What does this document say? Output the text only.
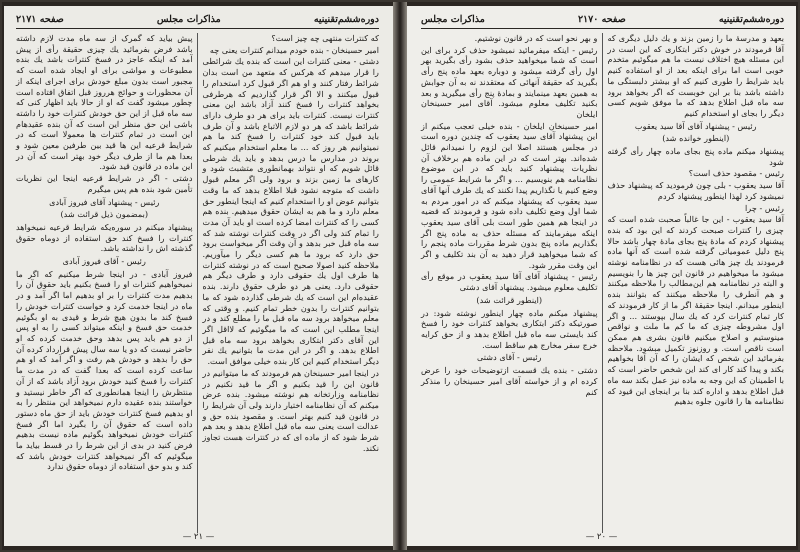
دوره‌ششم‌تقنینیه
مذاکرات مجلس
صفحه ۲۱۷۱

که کنترات منتهی چه چیز است؟

امیر حسینخان - بنده خودم میدانم کنترات یعنی چه

دشتی - معنی کنترات این است که بنده یك شرائطی را قرار میدهم که هرکس که متعهد من است بدان شرائط رفتار کنند و او هم اگر قبول کرد استخدام را قبول میکنند و الا اگر قرار گذاردیم که هرطرفی بخواهد کنترات را فسخ کنند آزاد باشد این معنی کنترات نیست. کنترات باید برای هر دو طرف دارای شرائط باشد که هر دو لازم الاتباع باشد و آن طرف باید قبول کند خود کنترات را فسخ کند ما هم نمیتوانیم هر روز که ... ما معلم استخدام میکنیم که بروند در مدارس ما درس بدهد و باید یك شرطی قائل شویم که او نتواند بهمانطوری متشبث شود و کارهای ما زمین بزند و برود ولی اگر معلم قبول داشت که متوجه نشود قبلا اطلاع بدهد که ما وقت بتوانیم عوض او را استخدام کنیم که اینجا اینطور حق معلم دارد و ما هم به ایشان حقوق میدهیم. بنده هم کسی را که کنترات امضا کرده است او باید آن مدت را تمام کند ولی اگر در وقت کنترات نوشته شد که سه ماه قبل خبر بدهد و آن وقت اگر میخواست برود حق دارد که برود ما هم کسی دیگر را میآوریم. ملاحظه کنید اصولا صحیح است که در نوشته کنترات ها طرف اول یك حقوقی دارد و طرف دیگر هم حقوقی دارد. یعنی هر دو طرف حقوق دارند. بنده عقیده‌ام این است که یك شرطی گذارده شود که ما بتوانیم کنترات را بدون خطر تمام کنیم. و وقتی که معلم میخواهد برود سه ماه قبل ما را مطلع کند و در اینجا مطلب این است که ما میگوئیم که لااقل اگر این آقای دکتر ابتکاری بخواهد برود سه ماه قبل اطلاع بدهد. و اگر در این مدت ما بتوانیم یك نفر دیگر استخدام کنیم این کار بنده خیلی موافق است.

در اینجا امیر حسینخان هم فرمودند که ما میتوانیم در قانون این را قید بکنیم و اگر ما قید نکنیم در نظامنامه وزارتخانه هم نوشته میشود. بنده عرض میکنم که آن نظامنامه اختیار دارند ولی آن شرایط را در قانون قید کنیم بهتر است. و مقصود بنده حق و عدالت است یعنی سه ماه قبل اطلاع بدهد و بعد هم شرط شود که از ماده ای که در کنترات هست تجاوز نکند.

پیش بیاید که گمرک از سه ماه مدت لازم داشته باشد فرض بفرمائید یك چیزی حقیقة رأی از پیش آمد که اینکه عاجز در فسخ کنترات باشد یك بنده مطبوعات و مواشی برای او ایجاد شده است که مجبور است بدون مبلغ خودش برای اجرای اینکه از آن محظورات و حوائج هرروز قبل اتفاق افتاده است چطور میشود گفت که او از حالا باید اظهار کنی که سه ماه قبل از این حق خودش کنترات خود را داشته باشی این حق منظر این است که آن بنده عقیدهام این است در تمام کنترات ها معمولا است که در شرایط قرعیه این ها قید بین طرفین معین شود و بعدا هم ما از طرف دیگر خود بهتر است که آن در این ماده در قانون قید شود.

دشتی - اگر در شرایط قرعیه اینجا این نظریات تأمین شود بنده هم پس میگیرم

رئیس - پیشنهاد آقای فیروز آبادی

(بمضمون ذیل قرائت شد)

پیشنهاد میکنم در سوره‌یکه شرایط قرعیه نمیخواهد کنترات را فسخ کند حق استفاده از دوماه حقوق گذشته اش را نداشته باشد.

رئیس - آقای فیروز آبادی

فیروز آبادی - در اینجا شرط میکنیم که اگر ما نمیخواهیم کنترات او را فسخ بکنیم باید حقوق آن را بدهیم مدت کنترات را بر او بدهیم اما اگر آمد و در ماه در اینجا خدمت کرد و خواست کنترات خودش را فسخ کند ما بدون هیچ شرط و قیدی به او بگوئیم خدمت حق فسخ و اینکه میتواند کسی را به او پس از دو هم باید پس بدهد وحق خدمت کرده که او حاضر نیست که دو یا سه سال پیش قرارداد کرده آن حق را بدهد و خودش هم رفت و اگر آمد که او هم ساعت کرده است که بعدا گفت که در مدت ما کنترات را فسخ کنید خودش برود آزاد باشد که از آن منتظرش را اینجا همانطوری که اگر خاطر نیستید و خواستند بنده عقیده دارم نمیخواهد این منتظر را به او بدهیم فسخ کنترات خودش باید از حق ماه دستور داده است که حقوق آن را بگیرد اما اگر فسخ کنترات خودش نمیخواهد بگوئیم ماده نیست بدهیم فرض کنید در بدی از این شرط را در قسط بیاید ما میگوئیم که اگر نمیخواهد کنترات خودش باشد که کند و بدو حق استفاده از دوماه حقوق ندارد

— ۲۱ —
دوره‌ششم‌تقنینیه
صفحه ۲۱۷۰
مذاکرات مجلس

بعهد و مدرسهٔ ما را زمین بزند و یك دلیل دیگری که آقا فرمودند در خوش دکتر ابتکاری که این است در این مسئله هیچ اختلاف نیست ما هم میگوئیم متخدم خوبی است اما برای اینکه بعد از او استفاده کنیم باید شرایط را طوری کنیم که او بیشتر دلبستگی ما داشته باشد بنا بر این خوبست که اگر بخواهد برود سه ماه قبل اطلاع بدهد که ما موفق شویم کسی دیگر را بجای او استخدام کنیم

رئیس - پیشنهاد آقای آقا سید یعقوب

(اینطور خوانده شد)

پیشنهاد میکنم ماده پنج بجای ماده چهار رأی گرفته شود

رئیس - مقصود حذف است؟

آقا سید یعقوب - بلی چون فرمودید که پیشنهاد حذف نمیشود کرد لهذا اینطور پیشنهاد کردم

رئیس - چرا

آقا سید یعقوب - این جا غالباً صحبت شده است که چیزی را کنترات صبحت کردند که این بود که بنده پیشنهاد کردم که مادهٔ پنج بجای مادهٔ چهار باشد حالا پنج دلیل عمومیاتی گرفته شده است که آنها ماده فرمودند یك چیز هائی هست که در نظامنامه نوشته میشود ما میخواهیم در قانون این چیز ها را بنویسیم و البته در نظامنامه هم این‌مطالب را ملاحظه میکنند و هم آنطرف را ملاحظه میکنند که بتوانند بنده اینطور میدانم. اینجا حقیقهٔ اگر ما از کار فرمودند که کار تمام کنترات کرد که یك سال بپوستند ... و اگر اول مشروطه چیزی که ما کم ما ملت و نواقص مینوستیم و اصلاح میکنیم قانون بشری هم ممکن است ناقص است. و روزنوز تکمیل مبشود. ملاحظه بفرمائید این شخص که ایشان را که آن آقا بخواهیم بکند و پیدا کند کار ای کند این شخص حاضر است که با اطمینان که این وجه به ماده نیز عمل بکند سه ماه قبل اطلاع بدهد و اداره کند بنا بر اینجای این قیود که نظامنامه ها را قانون جلوه بدهیم

و بهر نحو است که در قانون نوشتیم.

رئیس - اینکه میفرمائید نمیشود حذف کرد برای این است که شما میخواهید حذف بشود رأی بگیرید بهر اول رأی گرفته میشود و دوباره بعهد ماده پنج رأی بگیرید که حقیقة آنهائی که معتقدند نه به آن جوابش به همین بعهد مینمایند و بمادهٔ پنج رأی میگیرید و بعد بکنید تکلیف معلوم میشود. آقای امیر حسینخان ایلخان

امیر حسینخان ایلخان - بنده خیلی تعجب میکنم از این پیشنهاد آقای سید یعقوب که چندین دوره است در مجلس هستند اصلا این لزوم را نمیدانم قائل شده‌اند. بهتر است که در این ماده هم برخلاف آن نظریات پیشنهاد کنید باید که در این موضوع نظامنامه هم بنویسیم ... و اگر ما شرایط عمومی را وضع کنیم یا نگذاریم پیدا نکنند که یك طرف آنها آقای سید یعقوب که پیشنهاد میکنم که در امور مردم به شما اول وضع تکلیف داده شود و فرمودند که قضیه در اینجا هم همین طور است بلی آقای سید یعقوب اینکه میفرمایند که مسئله حذف به ماده پنج اگر بگذاریم ماده پنج بدون شرط مقررات ماده پنجم را که شما میخواهید قرار دهید به آن بند تکلیف و اگر این وقت مقرر شود.

رئیس - پیشنهاد آقای آقا سید یعقوب در موقع رأی تکلیف معلوم میشود. پیشنهاد آقای دشتی

(اینطور قرائت شد)

پیشنهاد میکنم ماده چهار اینطور نوشته شود: در صورتیکه دکتر ابتکاری بخواهد کنترات خود را فسخ کند بایستی سه ماه قبل اطلاع بدهد و از حق کرایه خرج سفر مخارج هم ساقط است.

رئیس - آقای دشتی

دشتی - بنده یك قسمت ازتوضیحات خود را عرض کرده ام و از خواسته آقای امیر حسینخان را منذکر کنم

— ۲۰ —
